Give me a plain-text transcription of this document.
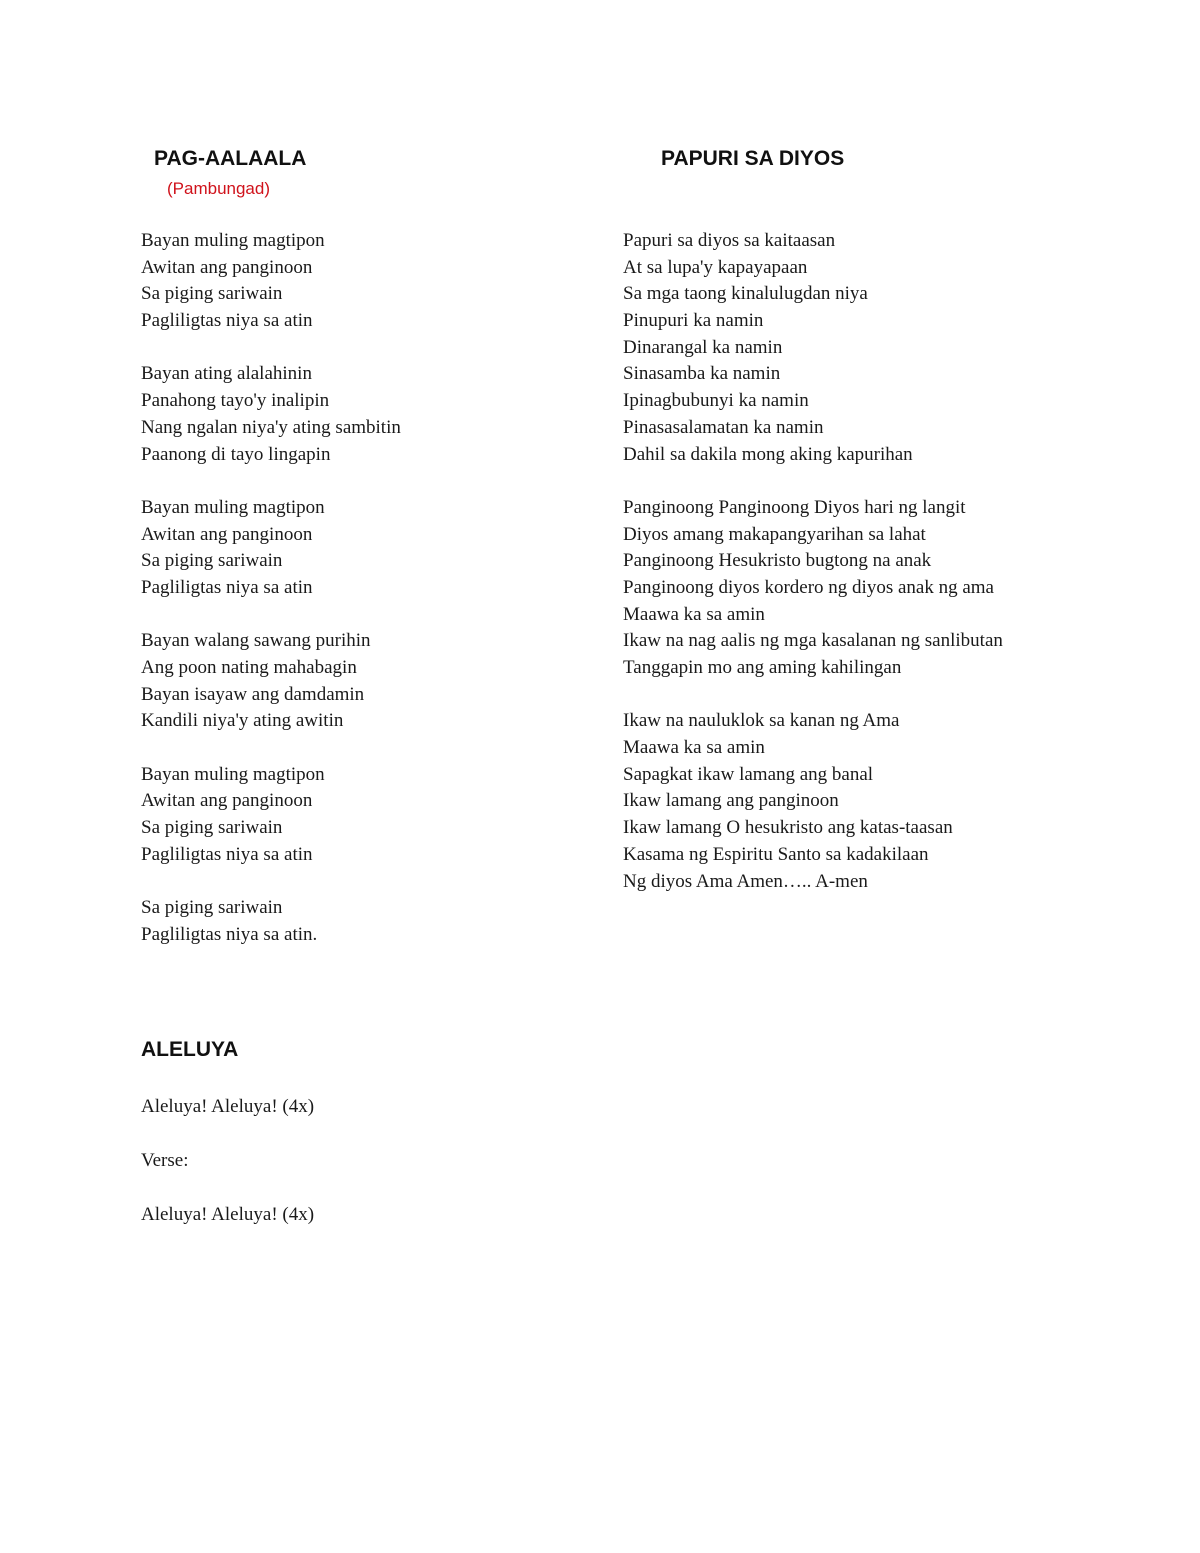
PAG-AALAALA
(Pambungad)
PAPURI SA DIYOS
Bayan muling magtipon
Awitan ang panginoon
Sa piging sariwain
Pagliligtas niya sa atin
Bayan ating alalahinin
Panahong tayo'y inalipin
Nang ngalan niya'y ating sambitin
Paanong di tayo lingapin
Bayan muling magtipon
Awitan ang panginoon
Sa piging sariwain
Pagliligtas niya sa atin
Bayan walang sawang purihin
Ang poon nating mahabagin
Bayan isayaw ang damdamin
Kandili niya'y ating awitin
Bayan muling magtipon
Awitan ang panginoon
Sa piging sariwain
Pagliligtas niya sa atin
Sa piging sariwain
Pagliligtas niya sa atin.
Papuri sa diyos sa kaitaasan
At sa lupa'y kapayapaan
Sa mga taong kinalulugdan niya
Pinupuri ka namin
Dinarangal ka namin
Sinasamba ka namin
Ipinagbubunyi ka namin
Pinasasalamatan ka namin
Dahil sa dakila mong aking kapurihan
Panginoong Panginoong Diyos hari ng langit
Diyos amang makapangyarihan sa lahat
Panginoong Hesukristo bugtong na anak
Panginoong diyos kordero ng diyos anak ng ama
Maawa ka sa amin
Ikaw na nag aalis ng mga kasalanan ng sanlibutan
Tanggapin mo ang aming kahilingan
Ikaw na nauluklok sa kanan ng Ama
Maawa ka sa amin
Sapagkat ikaw lamang ang banal
Ikaw lamang ang panginoon
Ikaw lamang O hesukristo ang katas-taasan
Kasama ng Espiritu Santo sa kadakilaan
Ng diyos Ama Amen….. A-men
ALELUYA
Aleluya! Aleluya! (4x)
Verse:
Aleluya! Aleluya! (4x)
